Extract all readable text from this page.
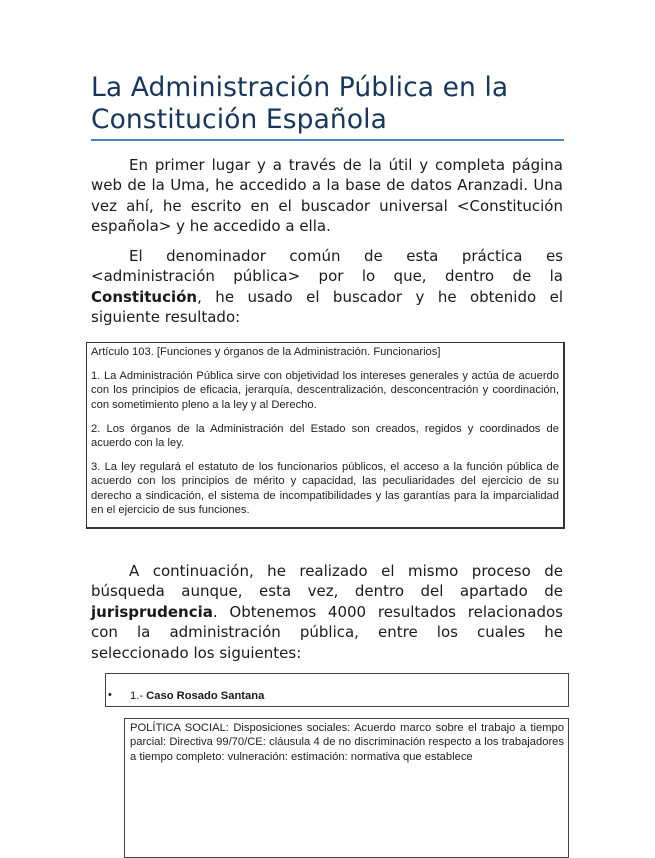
La Administración Pública en la Constitución Española
En primer lugar y a través de la útil y completa página web de la Uma, he accedido a la base de datos Aranzadi. Una vez ahí, he escrito en el buscador universal <Constitución española> y he accedido a ella.
El denominador común de esta práctica es <administración pública> por lo que, dentro de la Constitución, he usado el buscador y he obtenido el siguiente resultado:

Artículo 103. [Funciones y órganos de la Administración. Funcionarios]

1. La Administración Pública sirve con objetividad los intereses generales y actúa de acuerdo con los principios de eficacia, jerarquía, descentralización, desconcentración y coordinación, con sometimiento pleno a la ley y al Derecho.

2. Los órganos de la Administración del Estado son creados, regidos y coordinados de acuerdo con la ley.

3. La ley regulará el estatuto de los funcionarios públicos, el acceso a la función pública de acuerdo con los principios de mérito y capacidad, las peculiaridades del ejercicio de su derecho a sindicación, el sistema de incompatibilidades y las garantías para la imparcialidad en el ejercicio de sus funciones.

A continuación, he realizado el mismo proceso de búsqueda aunque, esta vez, dentro del apartado de jurisprudencia. Obtenemos 4000 resultados relacionados con la administración pública, entre los cuales he seleccionado los siguientes:
• 1.- Caso Rosado Santana
POLÍTICA SOCIAL: Disposiciones sociales: Acuerdo marco sobre el trabajo a tiempo parcial: Directiva 99/70/CE: cláusula 4 de no discriminación respecto a los trabajadores a tiempo completo: vulneración: estimación: normativa que establece
